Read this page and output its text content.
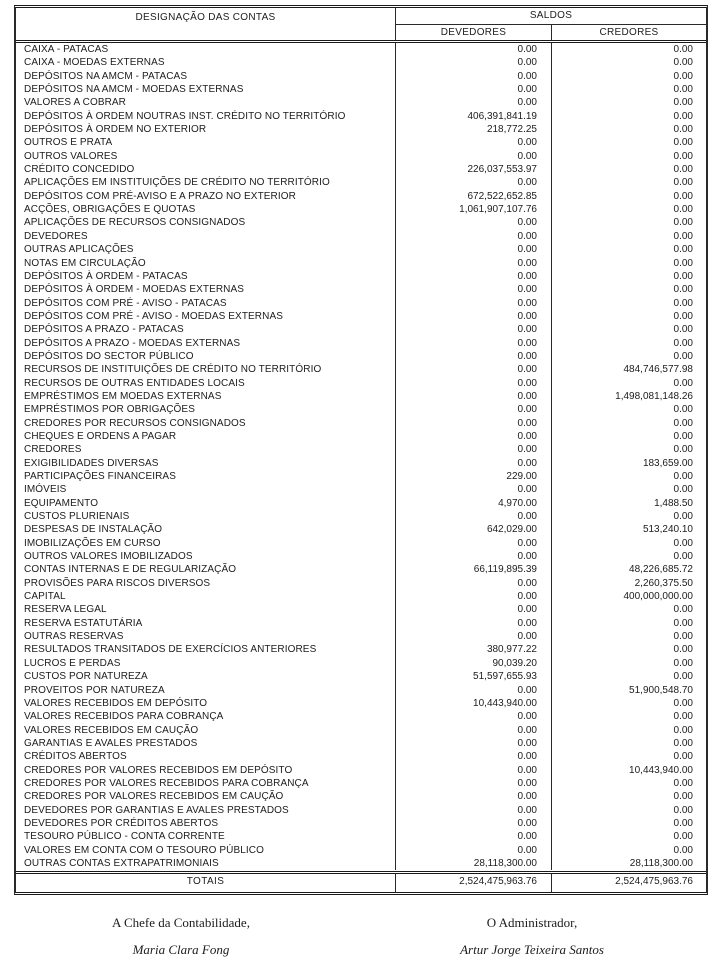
DESIGNAÇÃO DAS CONTAS	SALDOS
DEVEDORES	CREDORES
CAIXA - PATACAS	0.00	0.00
CAIXA - MOEDAS EXTERNAS	0.00	0.00
DEPÓSITOS NA AMCM - PATACAS	0.00	0.00
DEPÓSITOS NA AMCM - MOEDAS EXTERNAS	0.00	0.00
VALORES A COBRAR	0.00	0.00
DEPÓSITOS À ORDEM NOUTRAS INST. CRÉDITO NO TERRITÓRIO	406,391,841.19	0.00
DEPÓSITOS À ORDEM NO EXTERIOR	218,772.25	0.00
OUTROS E PRATA	0.00	0.00
OUTROS VALORES	0.00	0.00
CRÉDITO CONCEDIDO	226,037,553.97	0.00
APLICAÇÕES EM INSTITUIÇÕES DE CRÉDITO NO TERRITÓRIO	0.00	0.00
DEPÓSITOS COM PRÉ-AVISO E A PRAZO NO EXTERIOR	672,522,652.85	0.00
ACÇÕES, OBRIGAÇÕES E QUOTAS	1,061,907,107.76	0.00
APLICAÇÕES DE RECURSOS CONSIGNADOS	0.00	0.00
DEVEDORES	0.00	0.00
OUTRAS APLICAÇÕES	0.00	0.00
NOTAS EM CIRCULAÇÃO	0.00	0.00
DEPÓSITOS À ORDEM - PATACAS	0.00	0.00
DEPÓSITOS À ORDEM - MOEDAS EXTERNAS	0.00	0.00
DEPÓSITOS COM PRÉ - AVISO - PATACAS	0.00	0.00
DEPÓSITOS COM PRÉ - AVISO - MOEDAS EXTERNAS	0.00	0.00
DEPÓSITOS A PRAZO - PATACAS	0.00	0.00
DEPÓSITOS A PRAZO - MOEDAS EXTERNAS	0.00	0.00
DEPÓSITOS DO SECTOR PÚBLICO	0.00	0.00
RECURSOS DE INSTITUIÇÕES DE CRÉDITO NO TERRITÓRIO	0.00	484,746,577.98
RECURSOS DE OUTRAS ENTIDADES LOCAIS	0.00	0.00
EMPRÉSTIMOS EM MOEDAS EXTERNAS	0.00	1,498,081,148.26
EMPRÉSTIMOS POR OBRIGAÇÕES	0.00	0.00
CREDORES POR RECURSOS CONSIGNADOS	0.00	0.00
CHEQUES E ORDENS A PAGAR	0.00	0.00
CREDORES	0.00	0.00
EXIGIBILIDADES DIVERSAS	0.00	183,659.00
PARTICIPAÇÕES FINANCEIRAS	229.00	0.00
IMÓVEIS	0.00	0.00
EQUIPAMENTO	4,970.00	1,488.50
CUSTOS PLURIENAIS	0.00	0.00
DESPESAS DE INSTALAÇÃO	642,029.00	513,240.10
IMOBILIZAÇÕES EM CURSO	0.00	0.00
OUTROS VALORES IMOBILIZADOS	0.00	0.00
CONTAS INTERNAS E DE REGULARIZAÇÃO	66,119,895.39	48,226,685.72
PROVISÕES PARA RISCOS DIVERSOS	0.00	2,260,375.50
CAPITAL	0.00	400,000,000.00
RESERVA LEGAL	0.00	0.00
RESERVA ESTATUTÁRIA	0.00	0.00
OUTRAS RESERVAS	0.00	0.00
RESULTADOS TRANSITADOS DE EXERCÍCIOS ANTERIORES	380,977.22	0.00
LUCROS E PERDAS	90,039.20	0.00
CUSTOS POR NATUREZA	51,597,655.93	0.00
PROVEITOS POR NATUREZA	0.00	51,900,548.70
VALORES RECEBIDOS EM DEPÓSITO	10,443,940.00	0.00
VALORES RECEBIDOS PARA COBRANÇA	0.00	0.00
VALORES RECEBIDOS EM CAUÇÃO	0.00	0.00
GARANTIAS E AVALES PRESTADOS	0.00	0.00
CRÉDITOS ABERTOS	0.00	0.00
CREDORES POR VALORES RECEBIDOS EM DEPÓSITO	0.00	10,443,940.00
CREDORES POR VALORES RECEBIDOS PARA COBRANÇA	0.00	0.00
CREDORES POR VALORES RECEBIDOS EM CAUÇÃO	0.00	0.00
DEVEDORES POR GARANTIAS E AVALES PRESTADOS	0.00	0.00
DEVEDORES POR CRÉDITOS ABERTOS	0.00	0.00
TESOURO PÚBLICO - CONTA CORRENTE	0.00	0.00
VALORES EM CONTA COM O TESOURO PÚBLICO	0.00	0.00
OUTRAS CONTAS EXTRAPATRIMONIAIS	28,118,300.00	28,118,300.00
TOTAIS	2,524,475,963.76	2,524,475,963.76
A Chefe da Contabilidade,
Maria Clara Fong
O Administrador,
Artur Jorge Teixeira Santos
